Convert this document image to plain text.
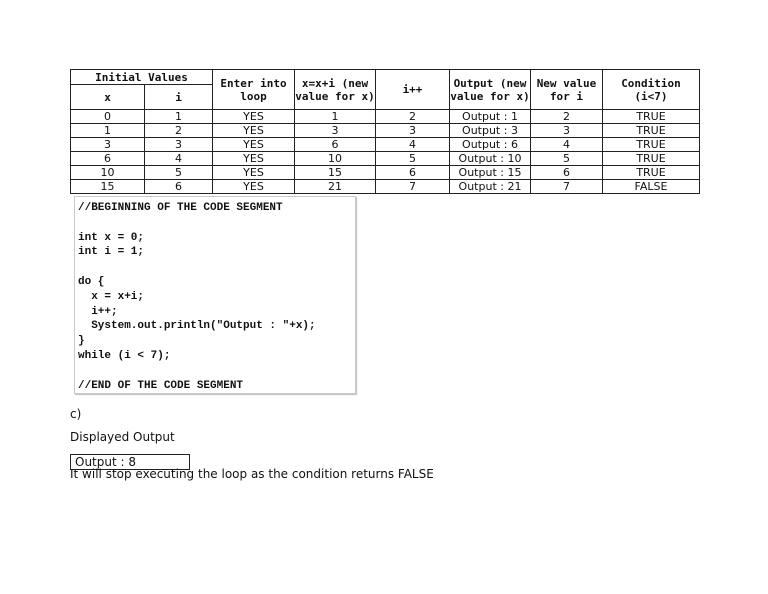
Initial Values		Enter into loop	x=x+i (new value for x)	i++	Output (new value for x)	New value for i	Condition (i<7)
x	i						
0	1	YES	1	2	Output : 1	2	TRUE
1	2	YES	3	3	Output : 3	3	TRUE
3	3	YES	6	4	Output : 6	4	TRUE
6	4	YES	10	5	Output : 10	5	TRUE
10	5	YES	15	6	Output : 15	6	TRUE
15	6	YES	21	7	Output : 21	7	FALSE
//BEGINNING OF THE CODE SEGMENT

int x = 0;
int i = 1;

do {
x = x+i;
i++;
System.out.println("Output : "+x);
}
while (i < 7);

//END OF THE CODE SEGMENT
c)
Displayed Output
Output : 8
It will stop executing the loop as the condition returns FALSE
